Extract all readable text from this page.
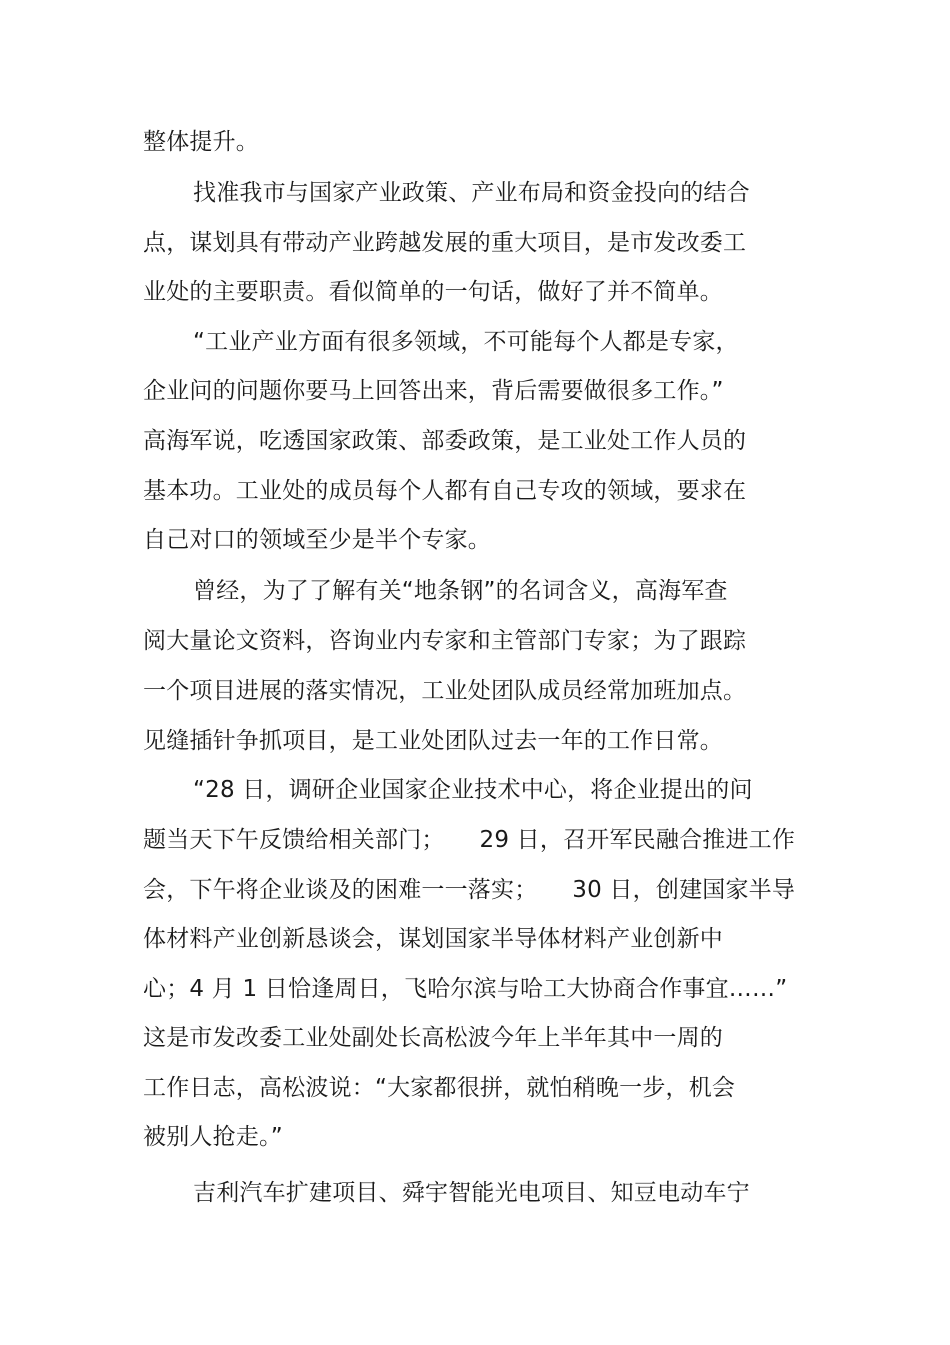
整体提升。
找准我市与国家产业政策、产业布局和资金投向的结合
点，谋划具有带动产业跨越发展的重大项目，是市发改委工
业处的主要职责。看似简单的一句话，做好了并不简单。
“工业产业方面有很多领域，不可能每个人都是专家，
企业问的问题你要马上回答出来，背后需要做很多工作。”
高海军说，吃透国家政策、部委政策，是工业处工作人员的
基本功。工业处的成员每个人都有自己专攻的领域，要求在
自己对口的领域至少是半个专家。
曾经，为了了解有关“地条钢”的名词含义，高海军查
阅大量论文资料，咨询业内专家和主管部门专家；为了跟踪
一个项目进展的落实情况，工业处团队成员经常加班加点。
见缝插针争抓项目，是工业处团队过去一年的工作日常。
“28 日，调研企业国家企业技术中心，将企业提出的问
题当天下午反馈给相关部门；　　29 日，召开军民融合推进工作
会，下午将企业谈及的困难一一落实；　　30 日，创建国家半导
体材料产业创新恳谈会，谋划国家半导体材料产业创新中
心；4 月 1 日恰逢周日，飞哈尔滨与哈工大协商合作事宜……”
这是市发改委工业处副处长高松波今年上半年其中一周的
工作日志，高松波说：“大家都很拼，就怕稍晚一步，机会
被别人抢走。”
吉利汽车扩建项目、舜宇智能光电项目、知豆电动车宁
